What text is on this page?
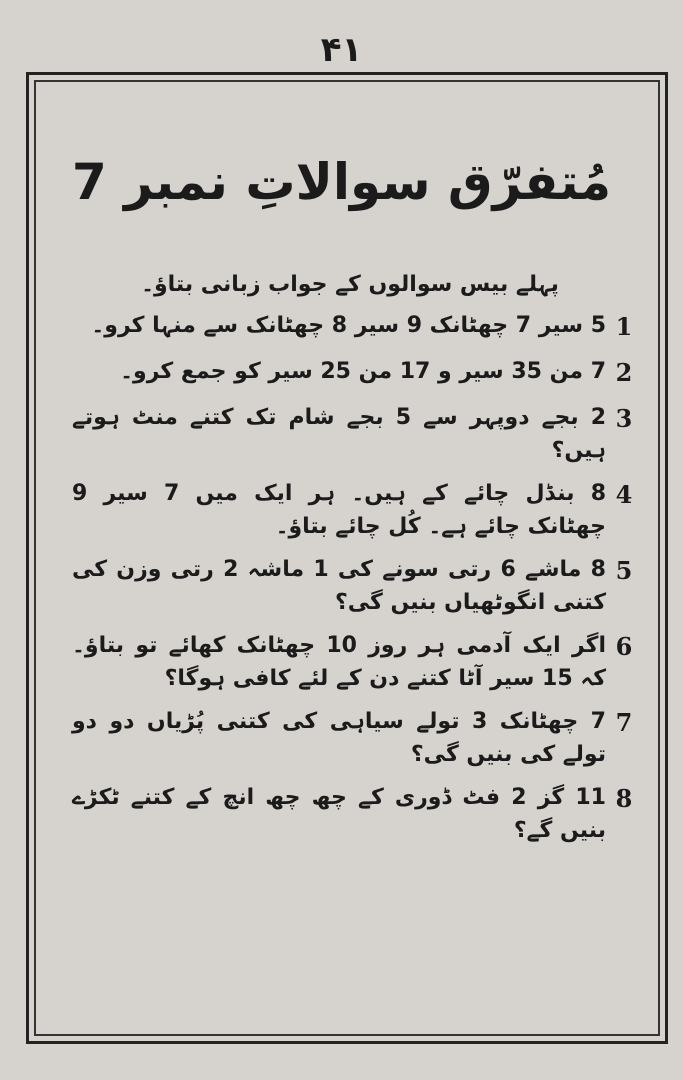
۴۱
مُتفرّق سوالاتِ نمبر 7
پہلے بیس سوالوں کے جواب زبانی بتاؤ۔
1
5 سیر 7 چھٹانک 9 سیر 8 چھٹانک سے منہا کرو۔
2
7 من 35 سیر و 17 من 25 سیر کو جمع کرو۔
3
2 بجے دوپہر سے 5 بجے شام تک کتنے منٹ ہوتے ہیں؟
4
8 بنڈل چائے کے ہیں۔ ہر ایک میں 7 سیر 9 چھٹانک چائے ہے۔ کُل چائے بتاؤ۔
5
8 ماشے 6 رتی سونے کی 1 ماشہ 2 رتی وزن کی کتنی انگوٹھیاں بنیں گی؟
6
اگر ایک آدمی ہر روز 10 چھٹانک کھائے تو بتاؤ۔ کہ 15 سیر آٹا کتنے دن کے لئے کافی ہوگا؟
7
7 چھٹانک 3 تولے سیاہی کی کتنی پُڑیاں دو دو تولے کی بنیں گی؟
8
11 گز 2 فٹ ڈوری کے چھ چھ انچ کے کتنے ٹکڑے بنیں گے؟
